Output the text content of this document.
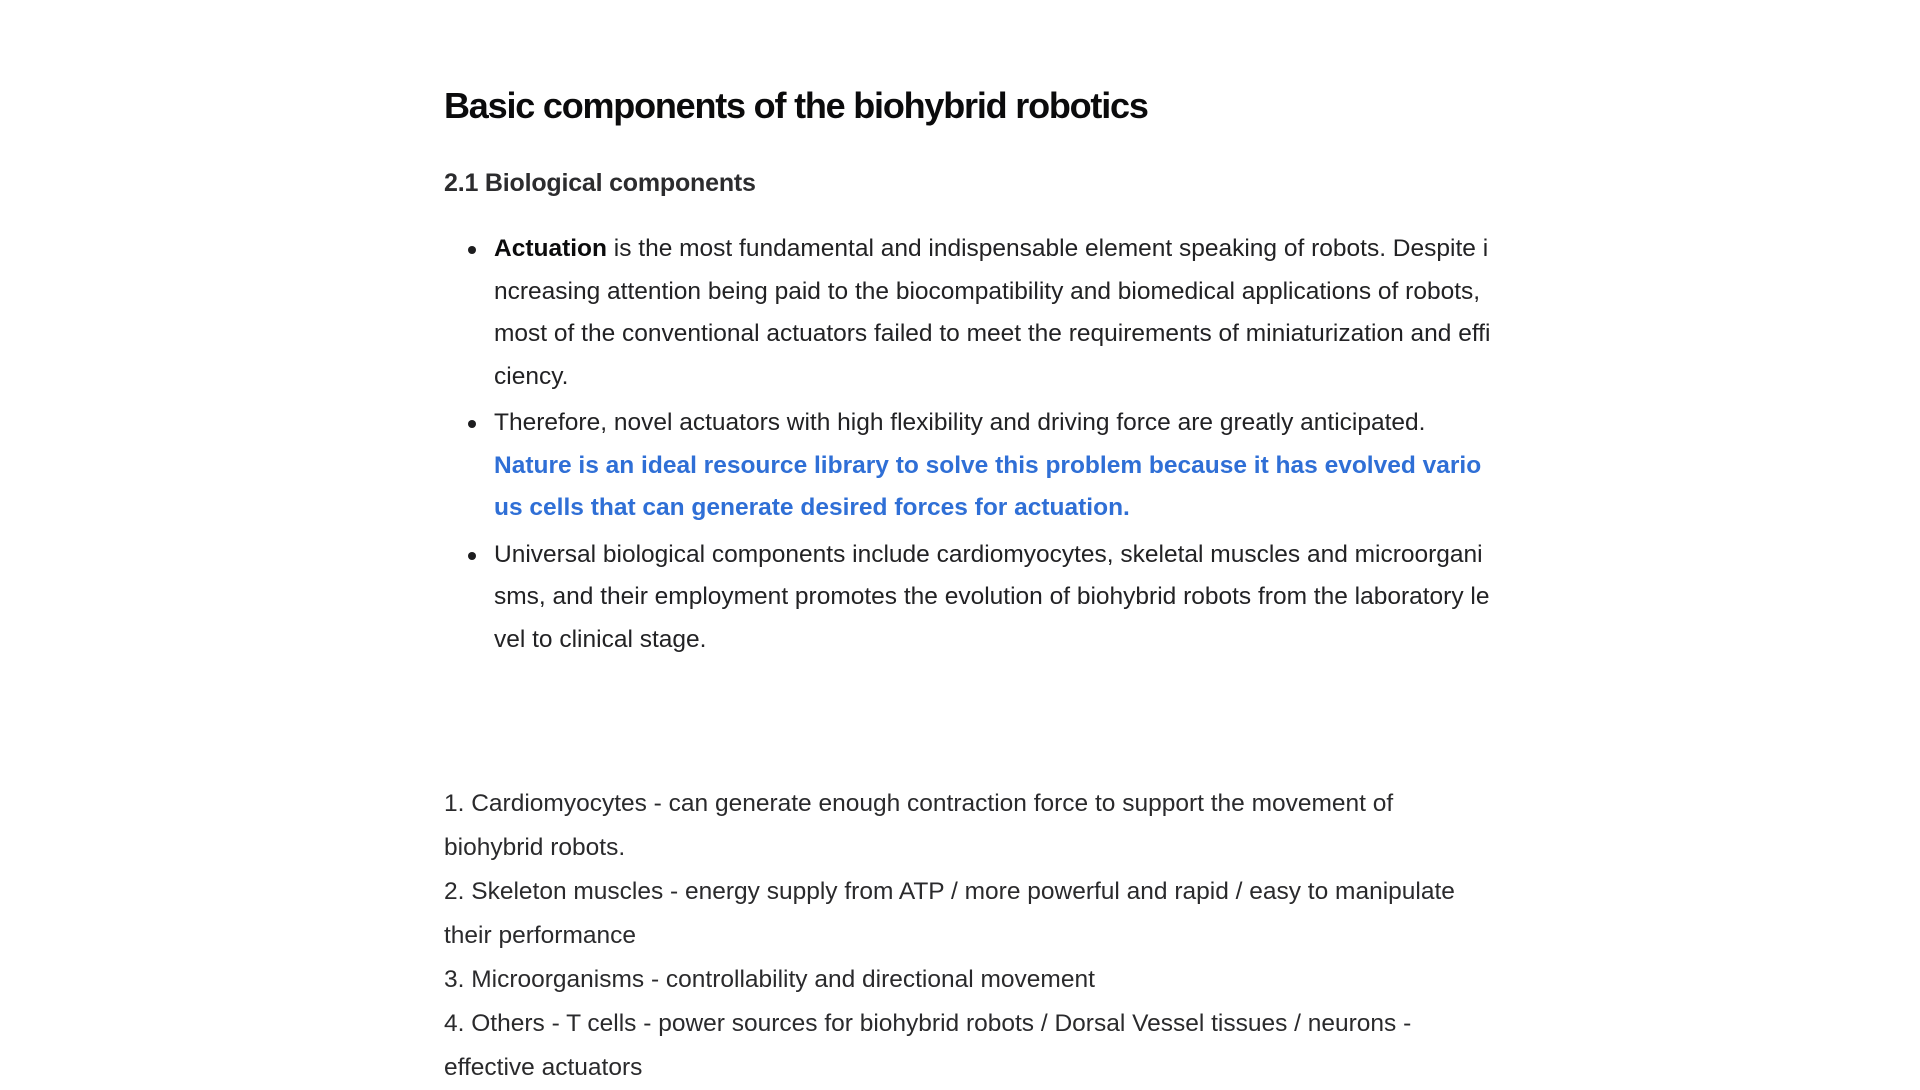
Basic components of the biohybrid robotics
2.1 Biological components
Actuation is the most fundamental and indispensable element speaking of robots. Despite increasing attention being paid to the biocompatibility and biomedical applications of robots, most of the conventional actuators failed to meet the requirements of miniaturization and efficiency.
Therefore, novel actuators with high flexibility and driving force are greatly anticipated.
Nature is an ideal resource library to solve this problem because it has evolved various cells that can generate desired forces for actuation.
Universal biological components include cardiomyocytes, skeletal muscles and microorganisms, and their employment promotes the evolution of biohybrid robots from the laboratory level to clinical stage.
1. Cardiomyocytes - can generate enough contraction force to support the movement of biohybrid robots.
2. Skeleton muscles - energy supply from ATP / more powerful and rapid / easy to manipulate their performance
3. Microorganisms - controllability and directional movement
4. Others - T cells - power sources for biohybrid robots / Dorsal Vessel tissues / neurons - effective actuators
